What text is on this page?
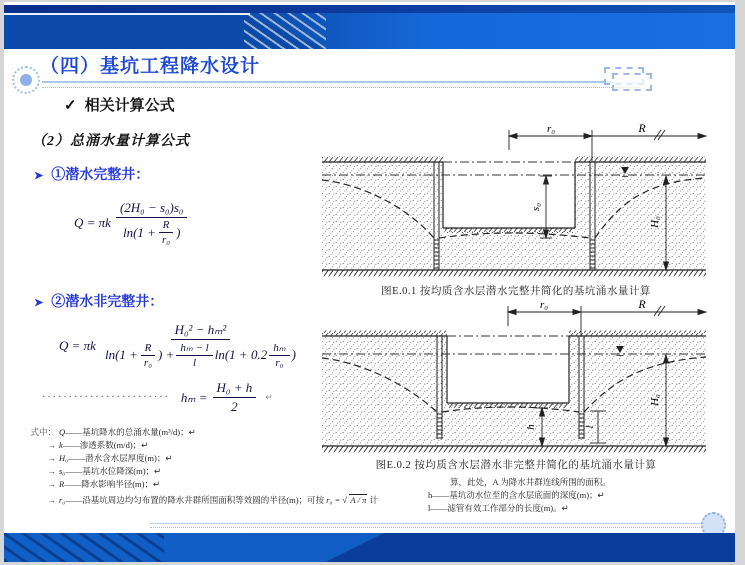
（四）基坑工程降水设计
✓ 相关计算公式
（2）总涌水量计算公式
➤ ①潜水完整井：
Q = πk $\frac{\text{(2H₀ − s₀)s₀}}{\ln(1 + \frac{R}{\text{r₀}} )}$
➤ ②潜水非完整井：
Q = πk
H₀² − hₘ²
$\ln(1 + \frac{R}{\text{r₀}}$ ) + $\frac{\text{hₘ − l}}{l} \ln(1 + 0.2 \frac{\text{hₘ}}{\text{r₀}}$ )
························ $h_m = \frac{\text{H₀ + h}}{2}$ ↵
式中： Q——基坑降水的总涌水量(m³/d)；↵
→ k——渗透系数(m/d)；↵
→ H₀——潜水含水层厚度(m)；↵
→ s₀——基坑水位降深(m)；↵
→ R——降水影响半径(m)；↵
→ r₀——沿基坑周边均匀布置的降水井群所围面积等效圆的半径(m)；可按 r₀ = √ A / π 计
算，此处，A 为降水井群连线所围的面积。
h——基坑动水位至的含水层底面的深度(m)；↵
l——滤管有效工作部分的长度(m)。↵
r₀	R
s₀
H₀
图E.0.1 按均质含水层潜水完整井简化的基坑涌水量计算
r₀	R
h	l
H₀
图E.0.2 按均质含水层潜水非完整井简化的基坑涌水量计算
